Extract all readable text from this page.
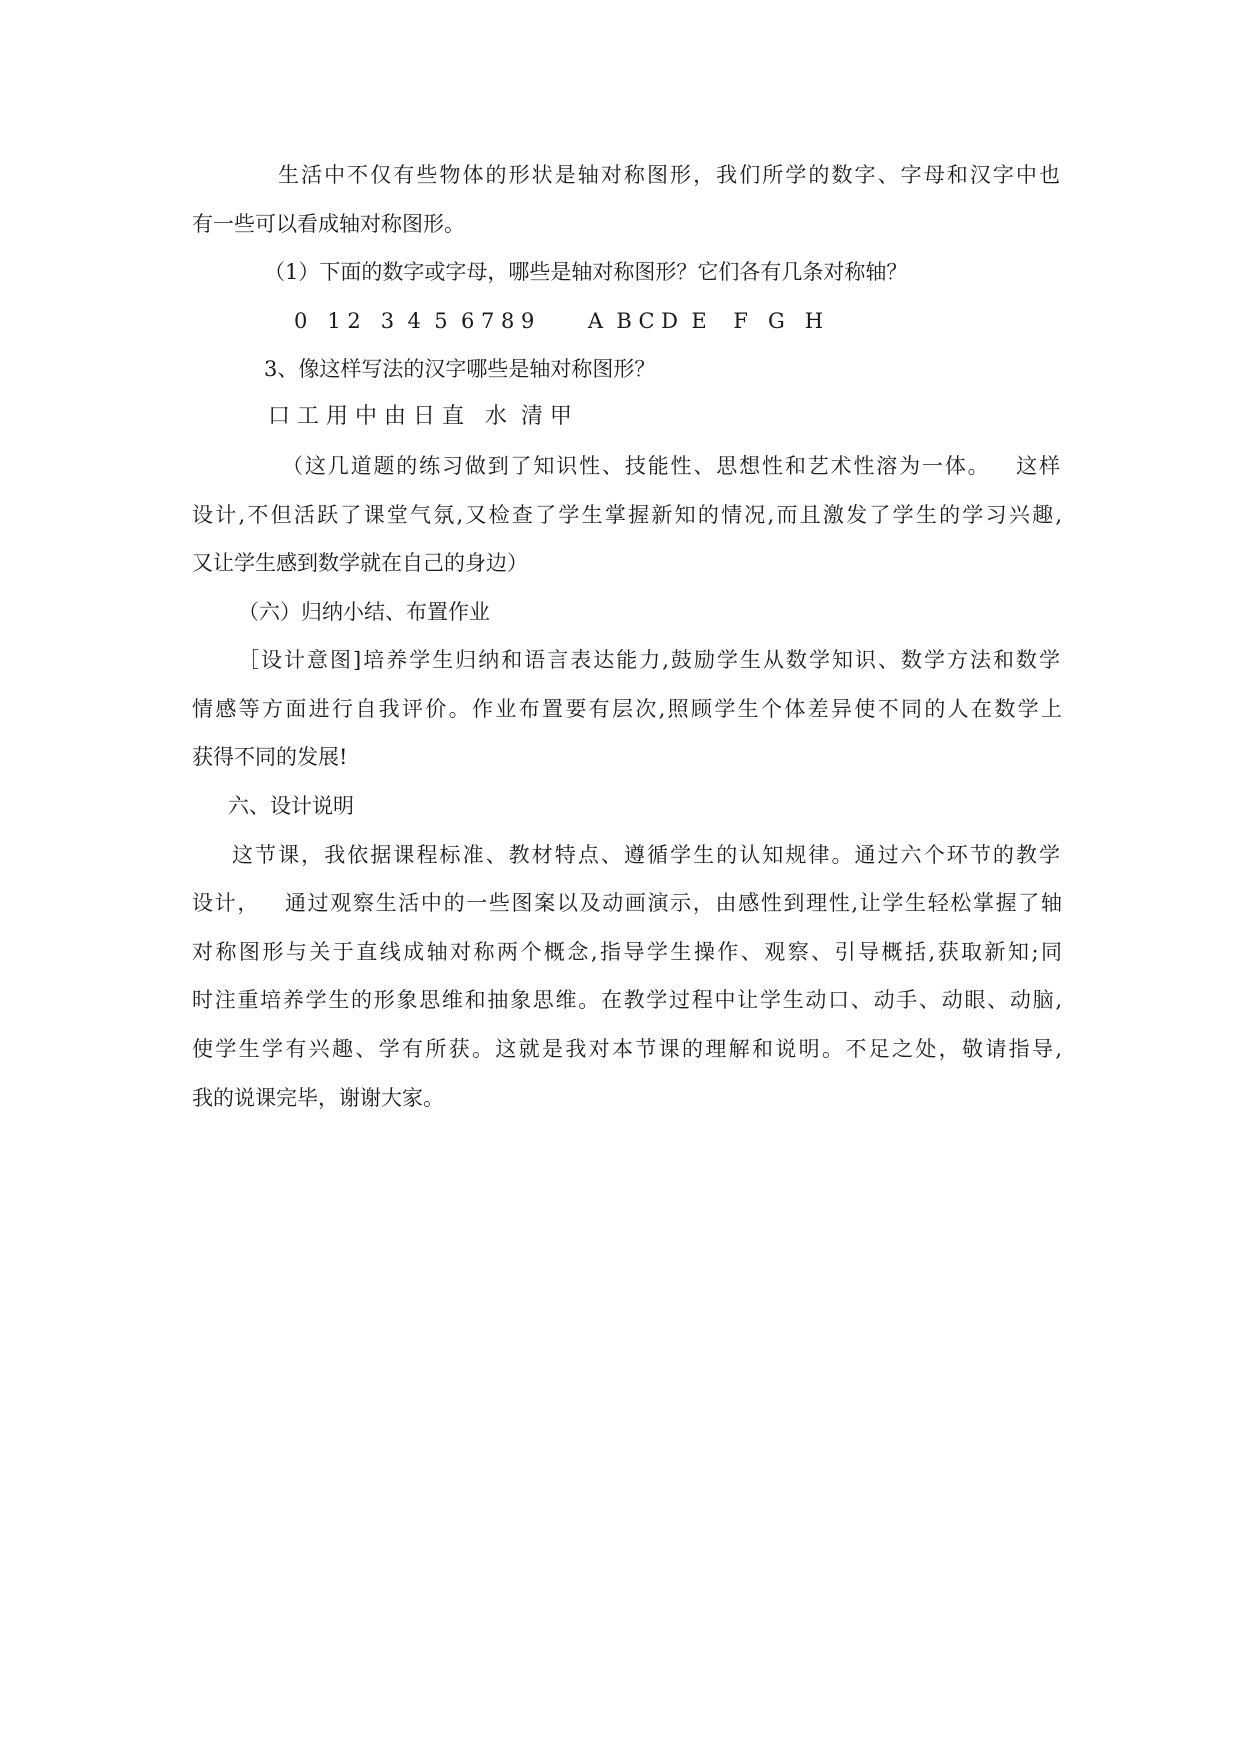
生活中不仅有些物体的形状是轴对称图形，我们所学的数字、字母和汉字中也
有一些可以看成轴对称图形。
（1）下面的数字或字母，哪些是轴对称图形？它们各有几条对称轴？
0   1 2   3  4  5  6 7 8 9        A  B C D  E    F   G   H
3、像这样写法的汉字哪些是轴对称图形？
口 工 用 中 由 日 直   水  清 甲
（这几道题的练习做到了知识性、技能性、思想性和艺术性溶为一体。   这样
设计,不但活跃了课堂气氛,又检查了学生掌握新知的情况,而且激发了学生的学习兴趣,
又让学生感到数学就在自己的身边）
（六）归纳小结、布置作业
［设计意图]培养学生归纳和语言表达能力,鼓励学生从数学知识、数学方法和数学
情感等方面进行自我评价。作业布置要有层次,照顾学生个体差异使不同的人在数学上
获得不同的发展!
六、设计说明
这节课，我依据课程标准、教材特点、遵循学生的认知规律。通过六个环节的教学
设计，   通过观察生活中的一些图案以及动画演示，由感性到理性,让学生轻松掌握了轴
对称图形与关于直线成轴对称两个概念,指导学生操作、观察、引导概括,获取新知;同
时注重培养学生的形象思维和抽象思维。在教学过程中让学生动口、动手、动眼、动脑,
使学生学有兴趣、学有所获。这就是我对本节课的理解和说明。不足之处，敬请指导,
我的说课完毕，谢谢大家。
